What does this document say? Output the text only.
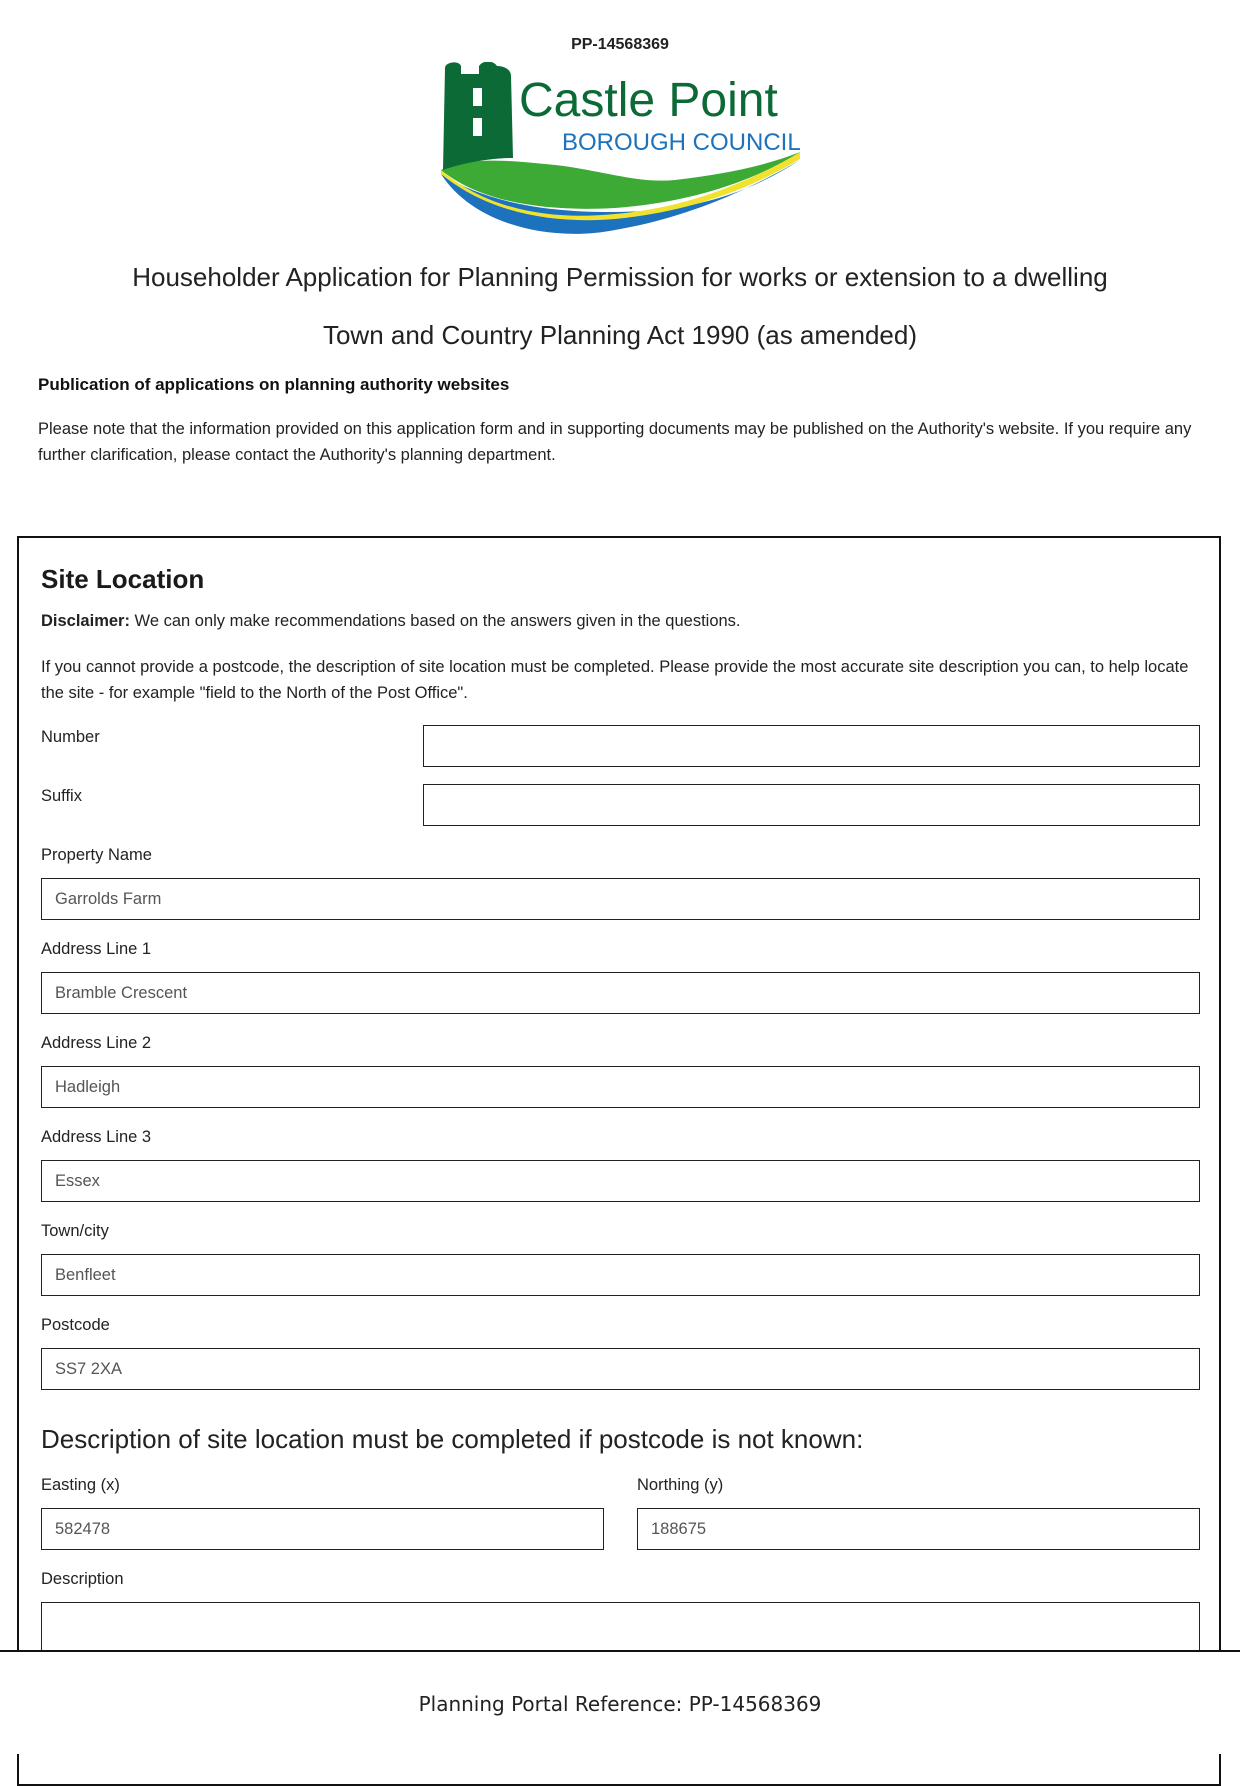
PP-14568369
Castle Point
BOROUGH COUNCIL
Householder Application for Planning Permission for works or extension to a dwelling
Town and Country Planning Act 1990 (as amended)
Publication of applications on planning authority websites
Please note that the information provided on this application form and in supporting documents may be published on the Authority's website. If you require any further clarification, please contact the Authority's planning department.
Site Location
Disclaimer: We can only make recommendations based on the answers given in the questions.
If you cannot provide a postcode, the description of site location must be completed. Please provide the most accurate site description you can, to help locate the site - for example "field to the North of the Post Office".
Number
Suffix
Property Name
Garrolds Farm
Address Line 1
Bramble Crescent
Address Line 2
Hadleigh
Address Line 3
Essex
Town/city
Benfleet
Postcode
SS7 2XA
Description of site location must be completed if postcode is not known:
Easting (x)
582478
Northing (y)
188675
Description
Planning Portal Reference: PP-14568369
